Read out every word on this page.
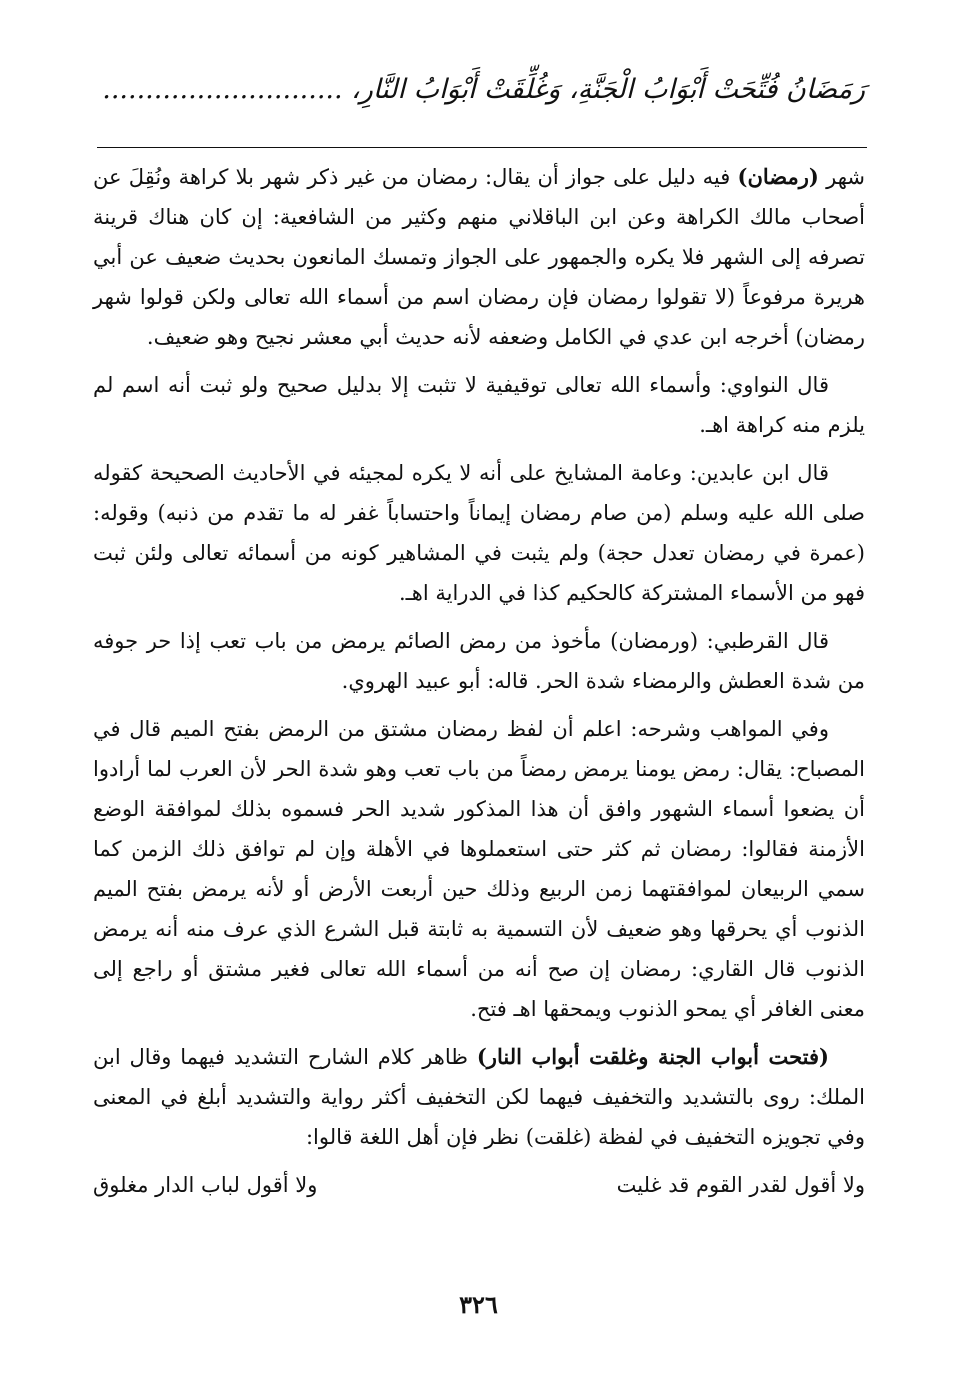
رَمَضَانُ فُتِّحَتْ أَبْوَابُ الْجَنَّةِ، وَغُلِّقَتْ أَبْوَابُ النَّارِ، ............................

شهر (رمضان) فيه دليل على جواز أن يقال: رمضان من غير ذكر شهر بلا كراهة ونُقِلَ عن أصحاب مالك الكراهة وعن ابن الباقلاني منهم وكثير من الشافعية: إن كان هناك قرينة تصرفه إلى الشهر فلا يكره والجمهور على الجواز وتمسك المانعون بحديث ضعيف عن أبي هريرة مرفوعاً (لا تقولوا رمضان فإن رمضان اسم من أسماء الله تعالى ولكن قولوا شهر رمضان) أخرجه ابن عدي في الكامل وضعفه لأنه حديث أبي معشر نجيح وهو ضعيف.

قال النواوي: وأسماء الله تعالى توقيفية لا تثبت إلا بدليل صحيح ولو ثبت أنه اسم لم يلزم منه كراهة اهـ.

قال ابن عابدين: وعامة المشايخ على أنه لا يكره لمجيئه في الأحاديث الصحيحة كقوله صلى الله عليه وسلم (من صام رمضان إيماناً واحتساباً غفر له ما تقدم من ذنبه) وقوله: (عمرة في رمضان تعدل حجة) ولم يثبت في المشاهير كونه من أسمائه تعالى ولئن ثبت فهو من الأسماء المشتركة كالحكيم كذا في الدراية اهـ.

قال القرطبي: (ورمضان) مأخوذ من رمض الصائم يرمض من باب تعب إذا حر جوفه من شدة العطش والرمضاء شدة الحر. قاله: أبو عبيد الهروي.

وفي المواهب وشرحه: اعلم أن لفظ رمضان مشتق من الرمض بفتح الميم قال في المصباح: يقال: رمض يومنا يرمض رمضاً من باب تعب وهو شدة الحر لأن العرب لما أرادوا أن يضعوا أسماء الشهور وافق أن هذا المذكور شديد الحر فسموه بذلك لموافقة الوضع الأزمنة فقالوا: رمضان ثم كثر حتى استعملوها في الأهلة وإن لم توافق ذلك الزمن كما سمي الربيعان لموافقتهما زمن الربيع وذلك حين أربعت الأرض أو لأنه يرمض بفتح الميم الذنوب أي يحرقها وهو ضعيف لأن التسمية به ثابتة قبل الشرع الذي عرف منه أنه يرمض الذنوب قال القاري: رمضان إن صح أنه من أسماء الله تعالى فغير مشتق أو راجع إلى معنى الغافر أي يمحو الذنوب ويمحقها اهـ فتح.

(فتحت أبواب الجنة وغلقت أبواب النار) ظاهر كلام الشارح التشديد فيهما وقال ابن الملك: روى بالتشديد والتخفيف فيهما لكن التخفيف أكثر رواية والتشديد أبلغ في المعنى وفي تجويزه التخفيف في لفظة (غلقت) نظر فإن أهل اللغة قالوا:

ولا أقول لقدر القوم قد غليت
ولا أقول لباب الدار مغلوق
٣٢٦
